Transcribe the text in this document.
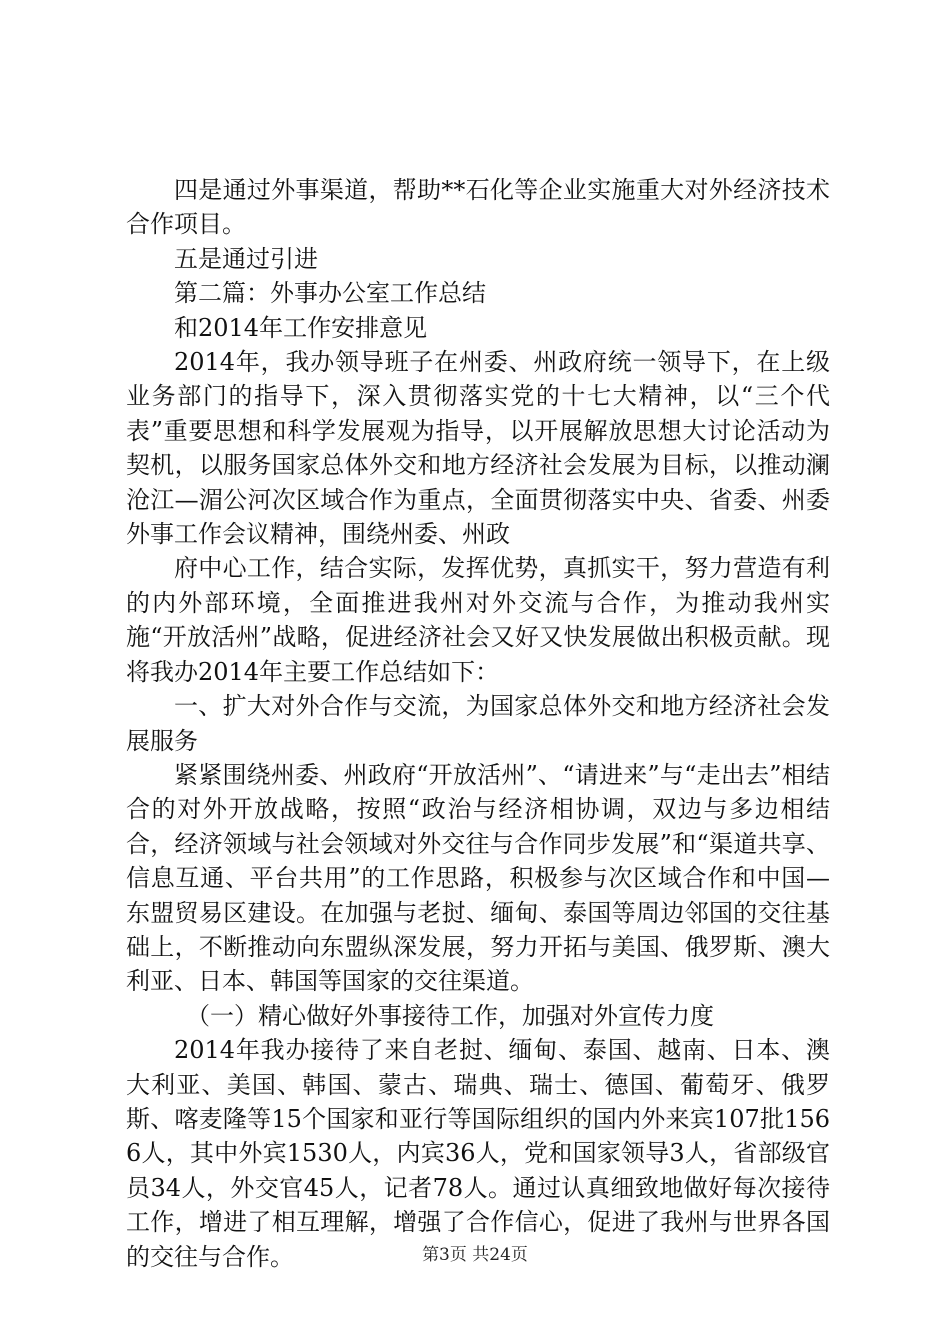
四是通过外事渠道，帮助**石化等企业实施重大对外经济技术合作项目。

五是通过引进

第二篇：外事办公室工作总结

和2014年工作安排意见

2014年，我办领导班子在州委、州政府统一领导下，在上级业务部门的指导下，深入贯彻落实党的十七大精神，以“三个代表”重要思想和科学发展观为指导，以开展解放思想大讨论活动为契机，以服务国家总体外交和地方经济社会发展为目标，以推动澜沧江—湄公河次区域合作为重点，全面贯彻落实中央、省委、州委外事工作会议精神，围绕州委、州政

府中心工作，结合实际，发挥优势，真抓实干，努力营造有利的内外部环境，全面推进我州对外交流与合作，为推动我州实施“开放活州”战略，促进经济社会又好又快发展做出积极贡献。现将我办2014年主要工作总结如下：

一、扩大对外合作与交流，为国家总体外交和地方经济社会发展服务

紧紧围绕州委、州政府“开放活州”、“请进来”与“走出去”相结合的对外开放战略，按照“政治与经济相协调，双边与多边相结合，经济领域与社会领域对外交往与合作同步发展”和“渠道共享、信息互通、平台共用”的工作思路，积极参与次区域合作和中国—东盟贸易区建设。在加强与老挝、缅甸、泰国等周边邻国的交往基础上，不断推动向东盟纵深发展，努力开拓与美国、俄罗斯、澳大利亚、日本、韩国等国家的交往渠道。

（一）精心做好外事接待工作，加强对外宣传力度

2014年我办接待了来自老挝、缅甸、泰国、越南、日本、澳大利亚、美国、韩国、蒙古、瑞典、瑞士、德国、葡萄牙、俄罗斯、喀麦隆等15个国家和亚行等国际组织的国内外来宾107批1566人，其中外宾1530人，内宾36人，党和国家领导3人，省部级官员34人，外交官45人，记者78人。通过认真细致地做好每次接待工作，增进了相互理解，增强了合作信心，促进了我州与世界各国的交往与合作。	第3页 共24页
